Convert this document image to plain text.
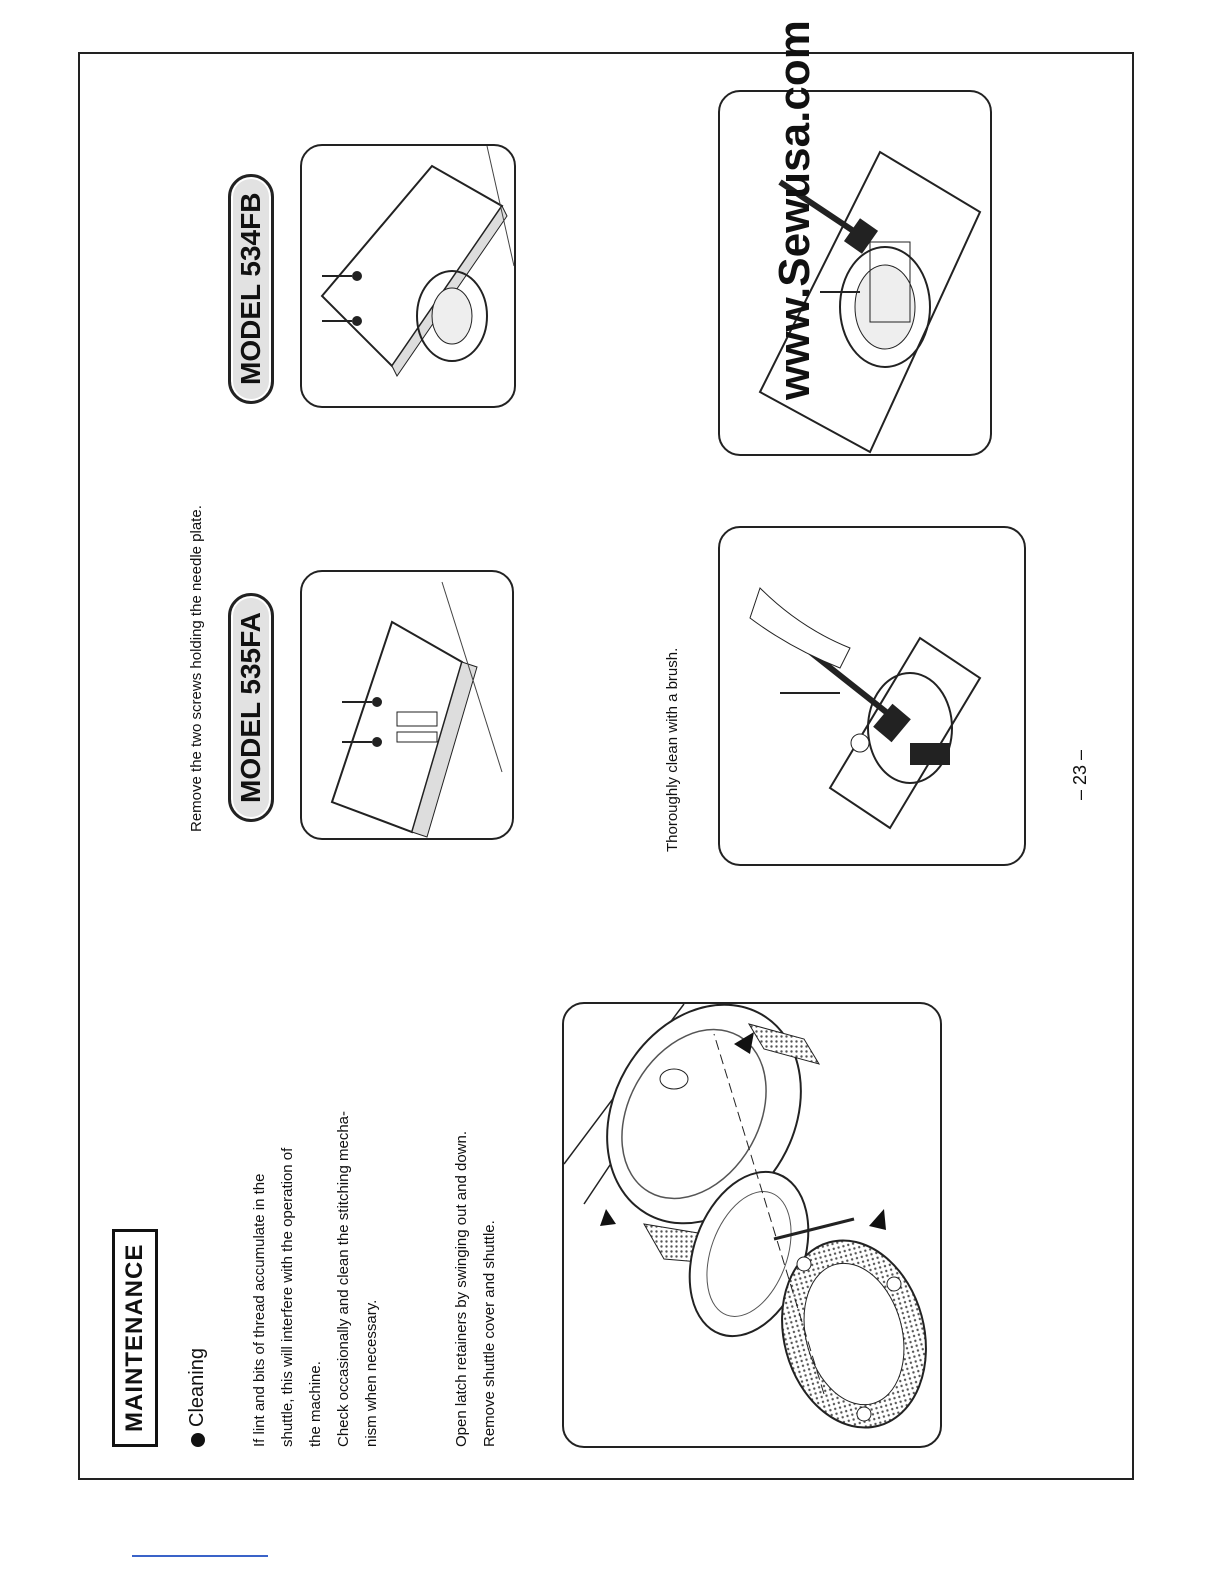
MAINTENANCE	Cleaning	If lint and bits of thread accumulate in the shuttle, this will interfere with the operation of the machine. Check occasionally and clean the stitching mecha- nism when necessary.	Open latch retainers by swinging out and down. Remove shuttle cover and shuttle.
Remove the two screws holding the needle plate. MODEL 535FA
MODEL 534FB
Thoroughly clean with a brush.
www.Sewusa.com
– 23 –
